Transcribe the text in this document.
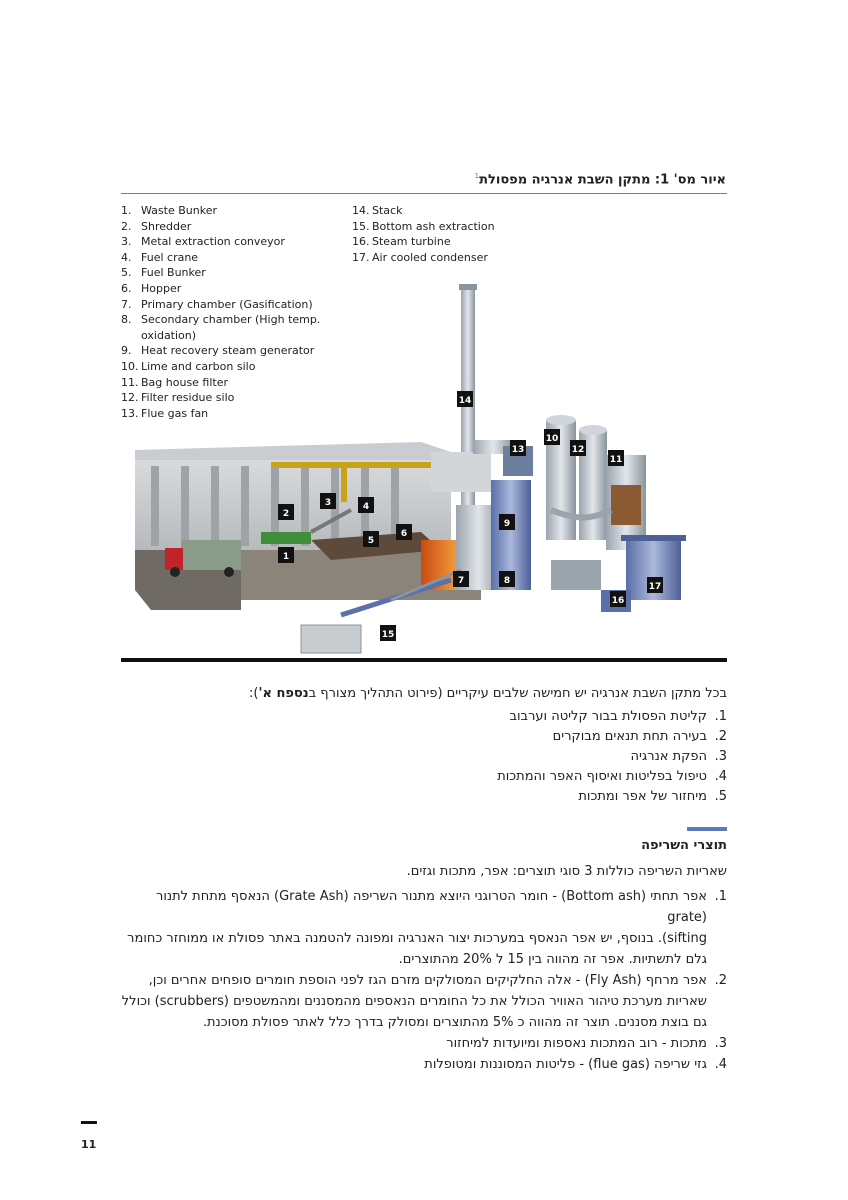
איור מס' 1: מתקן השבת אנרגיה מפסולת$^1$
1. Waste Bunker
2. Shredder
3. Metal extraction conveyor
4. Fuel crane
5. Fuel Bunker
6. Hopper
7. Primary chamber (Gasification)
8. Secondary chamber (High temp. oxidation)
9. Heat recovery steam generator
10. Lime and carbon silo
11. Bag house filter
12. Filter residue silo
13. Flue gas fan
14. Stack
15. Bottom ash extraction
16. Steam turbine
17. Air cooled condenser
1
2
3	4
5
6
7	8
9
10
11
12
13
14
15
16
17
בכל מתקן השבת אנרגיה יש חמישה שלבים עיקריים (פירוט התהליך מצורף בנספח א'):
1.
קליטת הפסולת בבור קליטה וערבוב
2.
בעירה תחת תנאים מבוקרים
3.
הפקת אנרגיה
4.
טיפול בפליטות ואיסוף האפר והמתכות
5.
מיחזור של אפר ומתכות
תוצרי השריפה
שאריות השריפה כוללות 3 סוגי תוצרים: אפר, מתכות וגזים.
1.
אפר תחתי (Bottom ash) - חומר הטרוגני היוצא מתנור השריפה (Grate Ash) הנאסף מתחת לתנור (grate
sifting). בנוסף, יש אפר הנאסף במערכות יצור האנרגיה ומפונה להטמנה באתר פסולת או ממוחזר כחומר
גלם לתשתיות. אפר זה מהווה בין 15 ל 20% מהתוצרים.
2.
אפר מרחף (Fly Ash) - אלה החלקיקים המסולקים מזרם הגז לפני הוספת חומרים סופחים אחרים וכן,
שאריות מערכת טיהור האוויר הכולל את כל החומרים הנאספים מהמסננים ומהמשטפים (scrubbers) וכולל
גם בוצת מסננים. תוצר זה מהווה כ 5% מהתוצרים ומסולק בדרך כלל לאתר פסולת מסוכנת.
3.
מתכות - רוב המתכות נאספות ומיועדות למיחזור
4.
גזי שריפה (flue gas) - פליטות המסוננות ומטופלות
11
